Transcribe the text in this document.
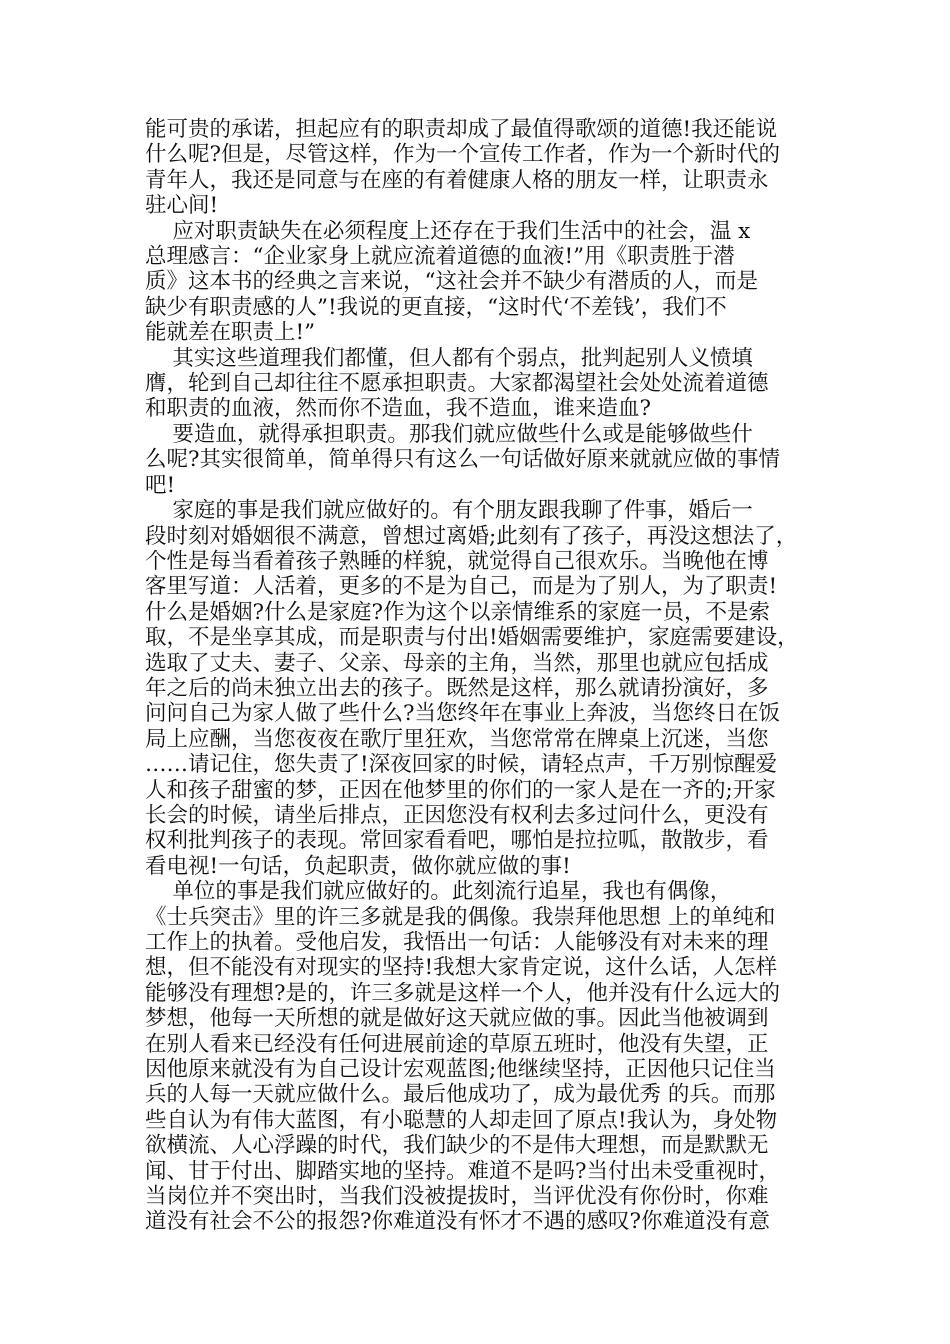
能可贵的承诺，担起应有的职责却成了最值得歌颂的道德!我还能说
什么呢?但是，尽管这样，作为一个宣传工作者，作为一个新时代的
青年人，我还是同意与在座的有着健康人格的朋友一样，让职责永
驻心间!
应对职责缺失在必须程度上还存在于我们生活中的社会，温 x
总理感言：“企业家身上就应流着道德的血液!”用《职责胜于潜
质》这本书的经典之言来说，“这社会并不缺少有潜质的人，而是
缺少有职责感的人”!我说的更直接，“这时代‘不差钱’，我们不
能就差在职责上!”
其实这些道理我们都懂，但人都有个弱点，批判起别人义愤填
膺，轮到自己却往往不愿承担职责。大家都渴望社会处处流着道德
和职责的血液，然而你不造血，我不造血，谁来造血?
要造血，就得承担职责。那我们就应做些什么或是能够做些什
么呢?其实很简单，简单得只有这么一句话做好原来就就应做的事情
吧!
家庭的事是我们就应做好的。有个朋友跟我聊了件事，婚后一
段时刻对婚姻很不满意，曾想过离婚;此刻有了孩子，再没这想法了，
个性是每当看着孩子熟睡的样貌，就觉得自己很欢乐。当晚他在博
客里写道：人活着，更多的不是为自己，而是为了别人，为了职责!
什么是婚姻?什么是家庭?作为这个以亲情维系的家庭一员，不是索
取，不是坐享其成，而是职责与付出!婚姻需要维护，家庭需要建设，
选取了丈夫、妻子、父亲、母亲的主角，当然，那里也就应包括成
年之后的尚未独立出去的孩子。既然是这样，那么就请扮演好，多
问问自己为家人做了些什么?当您终年在事业上奔波，当您终日在饭
局上应酬，当您夜夜在歌厅里狂欢，当您常常在牌桌上沉迷，当您
……请记住，您失责了!深夜回家的时候，请轻点声，千万别惊醒爱
人和孩子甜蜜的梦，正因在他梦里的你们的一家人是在一齐的;开家
长会的时候，请坐后排点，正因您没有权利去多过问什么，更没有
权利批判孩子的表现。常回家看看吧，哪怕是拉拉呱，散散步，看
看电视!一句话，负起职责，做你就应做的事!
单位的事是我们就应做好的。此刻流行追星，我也有偶像，
《士兵突击》里的许三多就是我的偶像。我崇拜他思想 上的单纯和
工作上的执着。受他启发，我悟出一句话：人能够没有对未来的理
想，但不能没有对现实的坚持!我想大家肯定说，这什么话，人怎样
能够没有理想?是的，许三多就是这样一个人，他并没有什么远大的
梦想，他每一天所想的就是做好这天就应做的事。因此当他被调到
在别人看来已经没有任何进展前途的草原五班时，他没有失望，正
因他原来就没有为自己设计宏观蓝图;他继续坚持，正因他只记住当
兵的人每一天就应做什么。最后他成功了，成为最优秀 的兵。而那
些自认为有伟大蓝图，有小聪慧的人却走回了原点!我认为，身处物
欲横流、人心浮躁的时代，我们缺少的不是伟大理想，而是默默无
闻、甘于付出、脚踏实地的坚持。难道不是吗?当付出未受重视时，
当岗位并不突出时，当我们没被提拔时，当评优没有你份时，你难
道没有社会不公的报怨?你难道没有怀才不遇的感叹?你难道没有意
